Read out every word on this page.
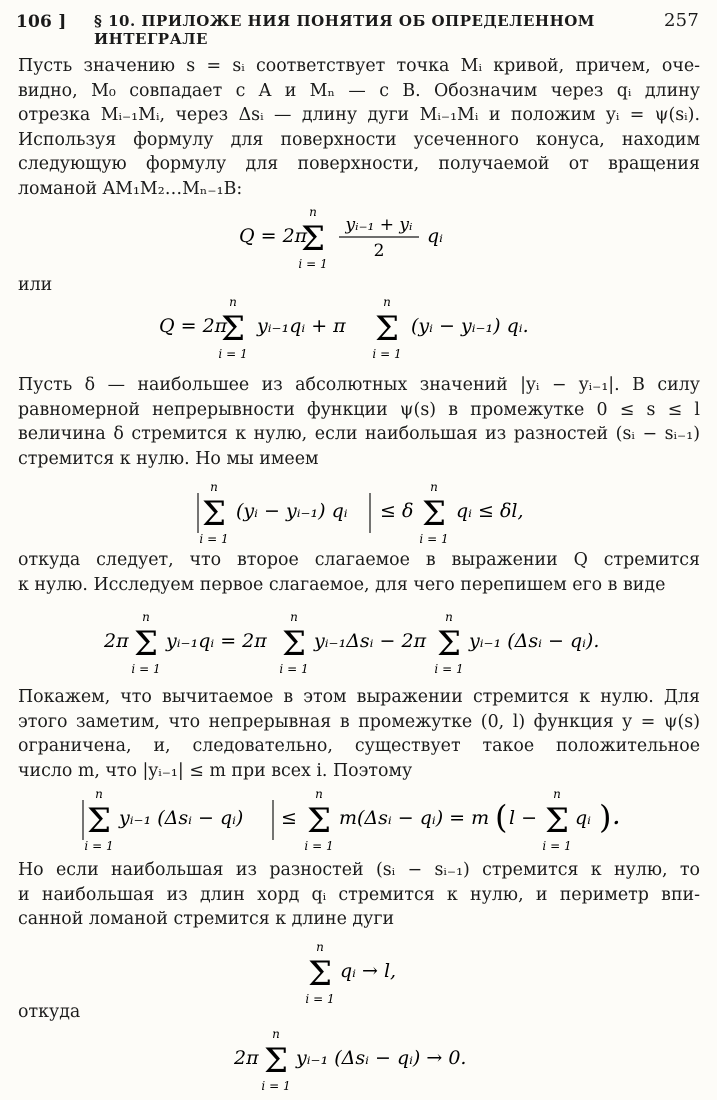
106 ] § 10. ПРИЛОЖЕ НИЯ ПОНЯТИЯ ОБ ОПРЕДЕЛЕННОМ ИНТЕГРАЛЕ
257
Пусть значению s = sᵢ соответствует точка Mᵢ кривой, причем, оче-
видно, M₀ совпадает с A и Mₙ — с B. Обозначим через qᵢ длину
отрезка Mᵢ₋₁Mᵢ, через Δsᵢ — длину дуги Mᵢ₋₁Mᵢ и положим yᵢ = ψ(sᵢ).
Используя формулу для поверхности усеченного конуса, находим
следующую формулу для поверхности, получаемой от вращения
ломаной AM₁M₂…Mₙ₋₁B:
Q = 2π
n
Σ
i = 1
yᵢ₋₁ + yᵢ
2
qᵢ
или
Q = 2π
n
Σ
i = 1
yᵢ₋₁qᵢ + π
n
Σ
i = 1
(yᵢ − yᵢ₋₁) qᵢ.
Пусть δ — наибольшее из абсолютных значений |yᵢ − yᵢ₋₁|. В силу
равномерной непрерывности функции ψ(s) в промежутке 0 ≤ s ≤ l
величина δ стремится к нулю, если наибольшая из разностей (sᵢ − sᵢ₋₁)
стремится к нулю. Но мы имеем
n
Σ
i = 1
(yᵢ − yᵢ₋₁) qᵢ ≤ δ
n
Σ
i = 1
qᵢ ≤ δl,
откуда следует, что второе слагаемое в выражении Q стремится
к нулю. Исследуем первое слагаемое, для чего перепишем его в виде
2π
n
Σ
i = 1
yᵢ₋₁qᵢ = 2π
n
Σ
i = 1
yᵢ₋₁Δsᵢ − 2π
n
Σ
i = 1
yᵢ₋₁ (Δsᵢ − qᵢ).
Покажем, что вычитаемое в этом выражении стремится к нулю. Для
этого заметим, что непрерывная в промежутке (0, l) функция y = ψ(s)
ограничена, и, следовательно, существует такое положительное
число m, что |yᵢ₋₁| ≤ m при всех i. Поэтому
n
Σ
i = 1
yᵢ₋₁ (Δsᵢ − qᵢ) ≤
n
Σ
i = 1
m(Δsᵢ − qᵢ) = m ( l −
n
Σ
i = 1
qᵢ ) .
Но если наибольшая из разностей (sᵢ − sᵢ₋₁) стремится к нулю, то
и наибольшая из длин хорд qᵢ стремится к нулю, и периметр впи-
санной ломаной стремится к длине дуги
n
Σ
i = 1
qᵢ → l,
откуда
2π
n
Σ
i = 1
yᵢ₋₁ (Δsᵢ − qᵢ) → 0.
